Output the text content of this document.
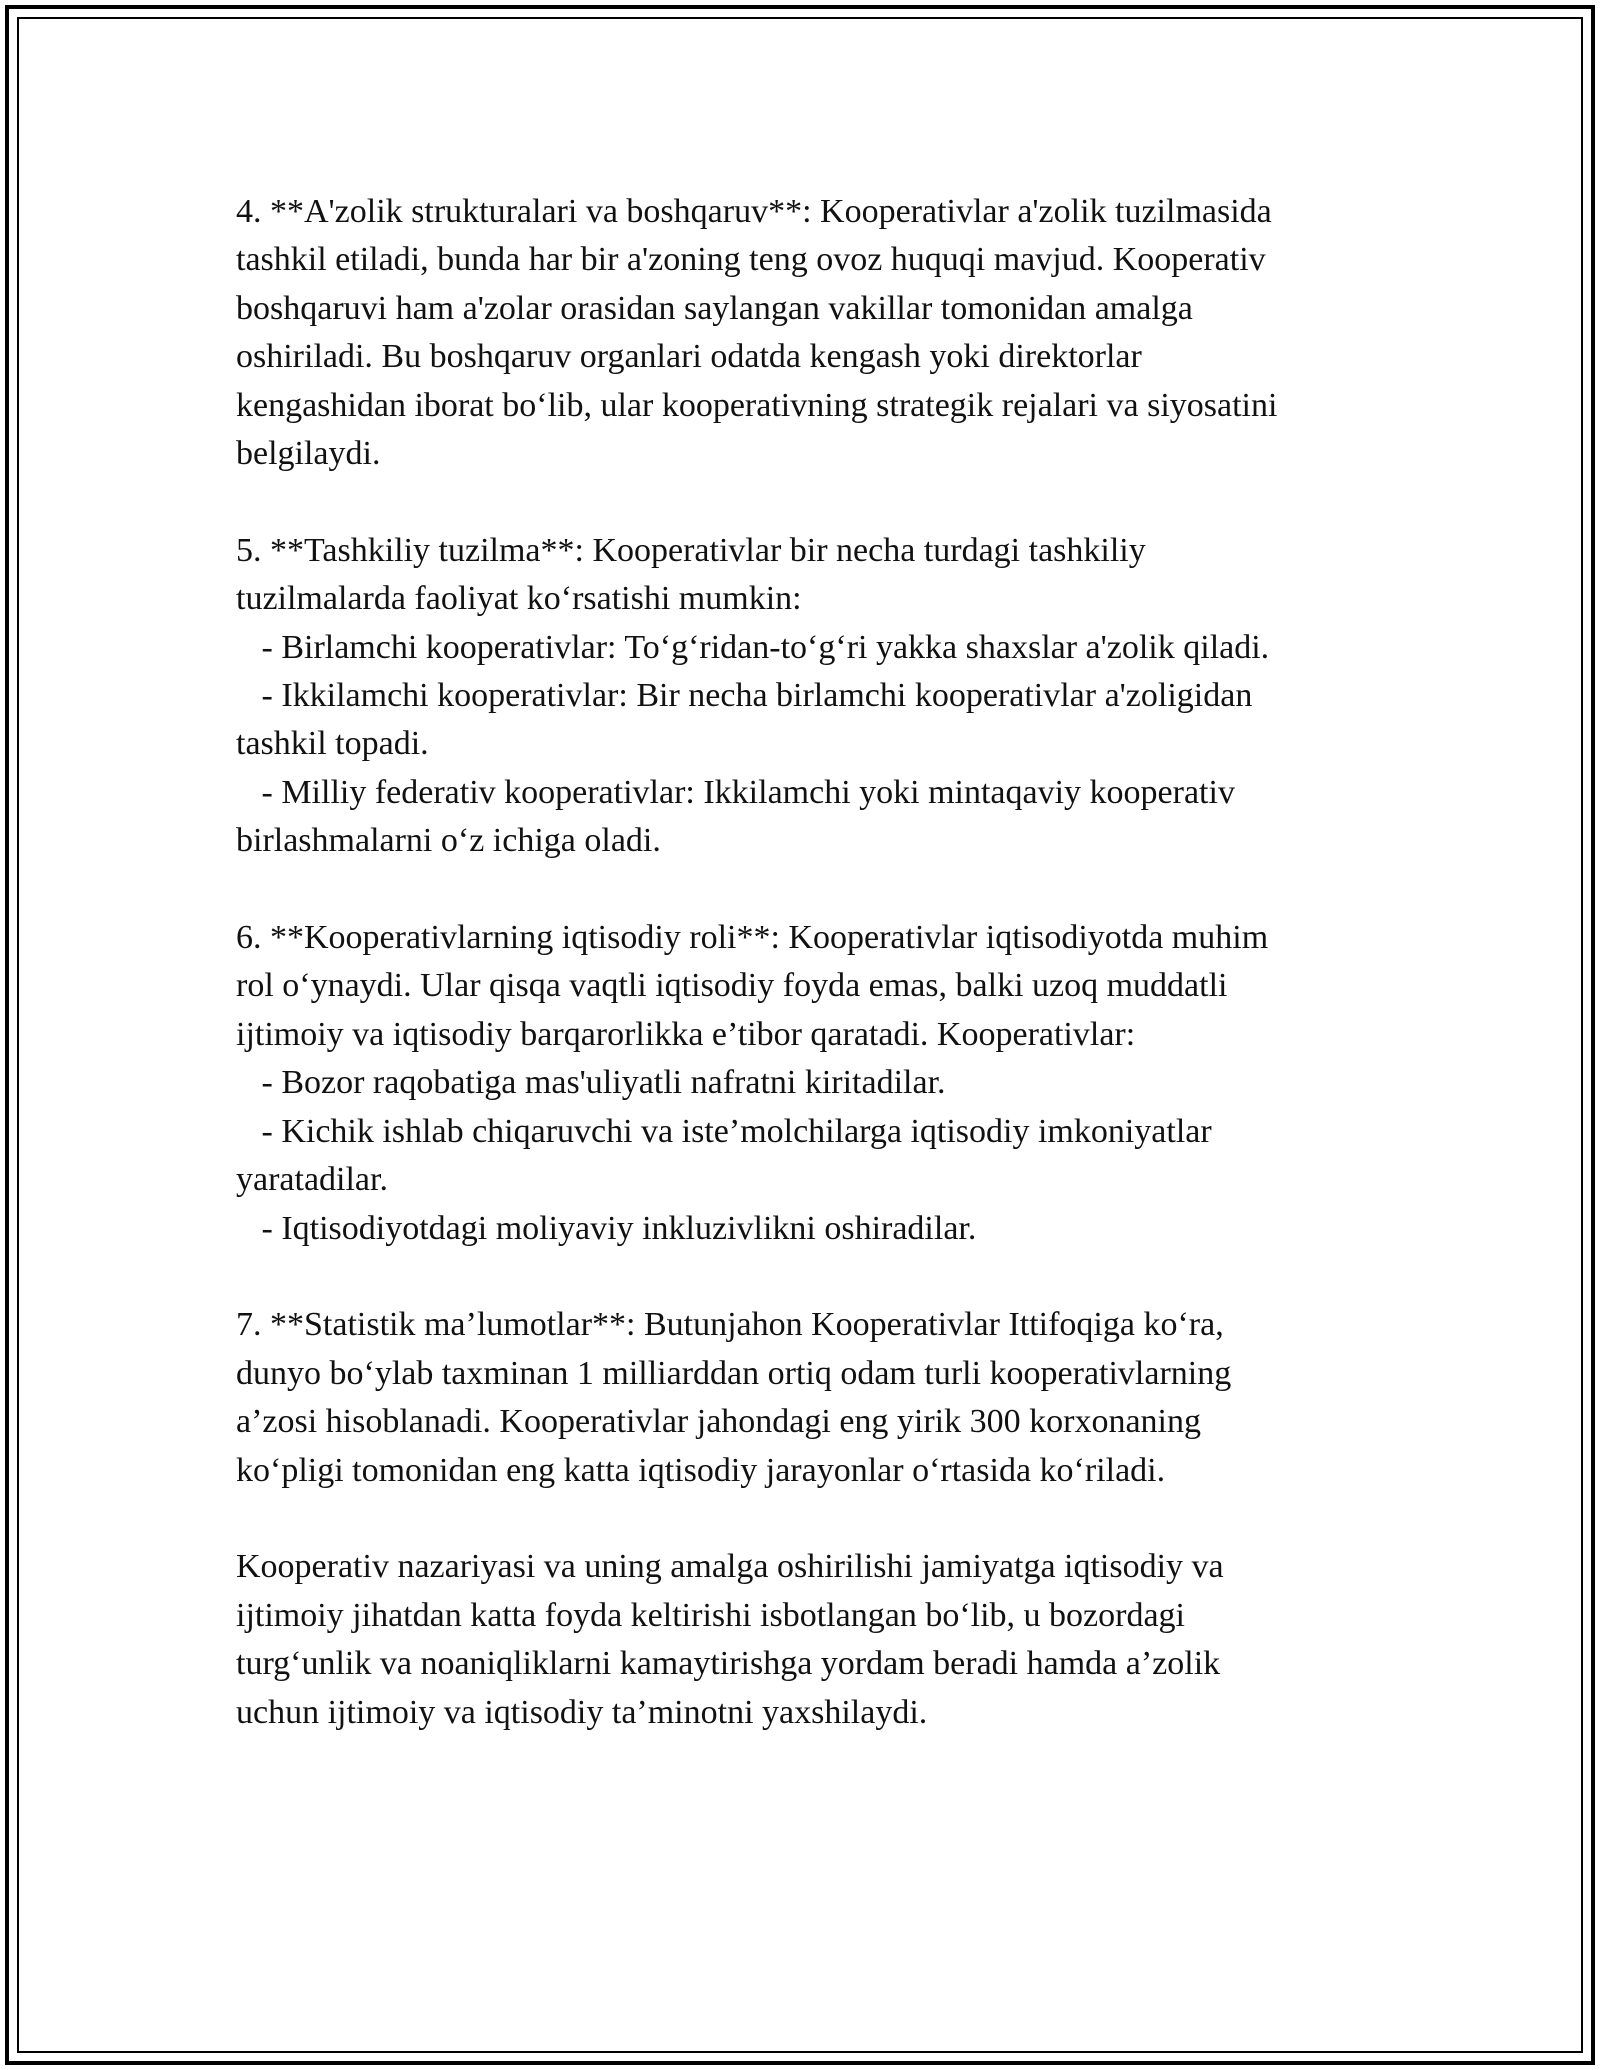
4. **A'zolik strukturalari va boshqaruv**: Kooperativlar a'zolik tuzilmasida
tashkil etiladi, bunda har bir a'zoning teng ovoz huquqi mavjud. Kooperativ
boshqaruvi ham a'zolar orasidan saylangan vakillar tomonidan amalga
oshiriladi. Bu boshqaruv organlari odatda kengash yoki direktorlar
kengashidan iborat bo‘lib, ular kooperativning strategik rejalari va siyosatini
belgilaydi.

5. **Tashkiliy tuzilma**: Kooperativlar bir necha turdagi tashkiliy
tuzilmalarda faoliyat ko‘rsatishi mumkin:
- Birlamchi kooperativlar: To‘g‘ridan-to‘g‘ri yakka shaxslar a'zolik qiladi.
- Ikkilamchi kooperativlar: Bir necha birlamchi kooperativlar a'zoligidan
tashkil topadi.
- Milliy federativ kooperativlar: Ikkilamchi yoki mintaqaviy kooperativ
birlashmalarni o‘z ichiga oladi.

6. **Kooperativlarning iqtisodiy roli**: Kooperativlar iqtisodiyotda muhim
rol o‘ynaydi. Ular qisqa vaqtli iqtisodiy foyda emas, balki uzoq muddatli
ijtimoiy va iqtisodiy barqarorlikka e’tibor qaratadi. Kooperativlar:
- Bozor raqobatiga mas'uliyatli nafratni kiritadilar.
- Kichik ishlab chiqaruvchi va iste’molchilarga iqtisodiy imkoniyatlar
yaratadilar.
- Iqtisodiyotdagi moliyaviy inkluzivlikni oshiradilar.

7. **Statistik ma’lumotlar**: Butunjahon Kooperativlar Ittifoqiga ko‘ra,
dunyo bo‘ylab taxminan 1 milliarddan ortiq odam turli kooperativlarning
a’zosi hisoblanadi. Kooperativlar jahondagi eng yirik 300 korxonaning
ko‘pligi tomonidan eng katta iqtisodiy jarayonlar o‘rtasida ko‘riladi.

Kooperativ nazariyasi va uning amalga oshirilishi jamiyatga iqtisodiy va
ijtimoiy jihatdan katta foyda keltirishi isbotlangan bo‘lib, u bozordagi
turg‘unlik va noaniqliklarni kamaytirishga yordam beradi hamda a’zolik
uchun ijtimoiy va iqtisodiy ta’minotni yaxshilaydi.
